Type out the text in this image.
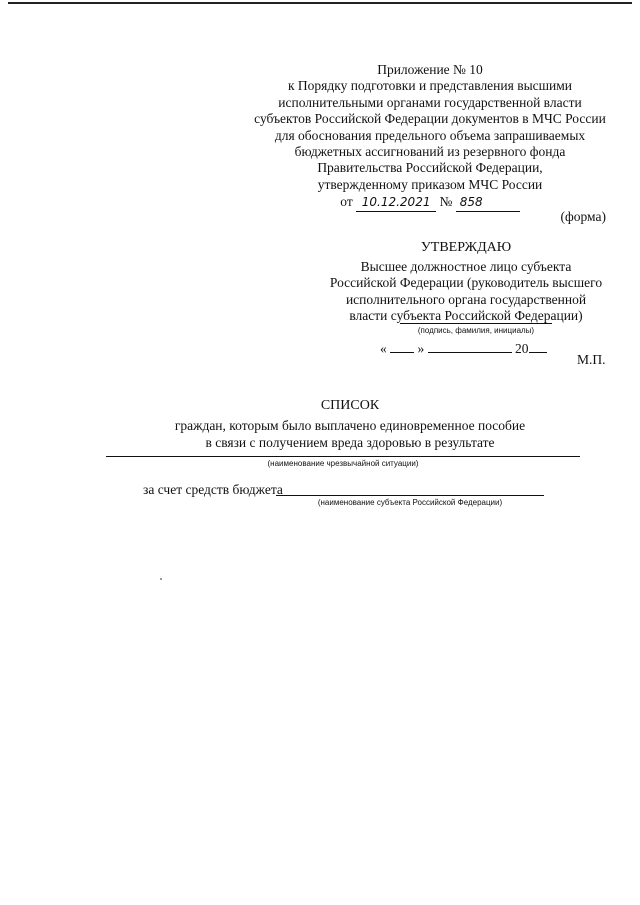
Приложение № 10
к Порядку подготовки и представления высшими
исполнительными органами государственной власти
субъектов Российской Федерации документов в МЧС России
для обоснования предельного объема запрашиваемых
бюджетных ассигнований из резервного фонда
Правительства Российской Федерации,
утвержденному приказом МЧС России
от 10.12.2021 № 858
(форма)
УТВЕРЖДАЮ
Высшее должностное лицо субъекта
Российской Федерации (руководитель высшего
исполнительного органа государственной
власти субъекта Российской Федерации)
(подпись, фамилия, инициалы)
« »	20
М.П.
СПИСОК
граждан, которым было выплачено единовременное пособие
в связи с получением вреда здоровью в результате
(наименование чрезвычайной ситуации)
за счет средств бюджета
(наименование субъекта Российской Федерации)
